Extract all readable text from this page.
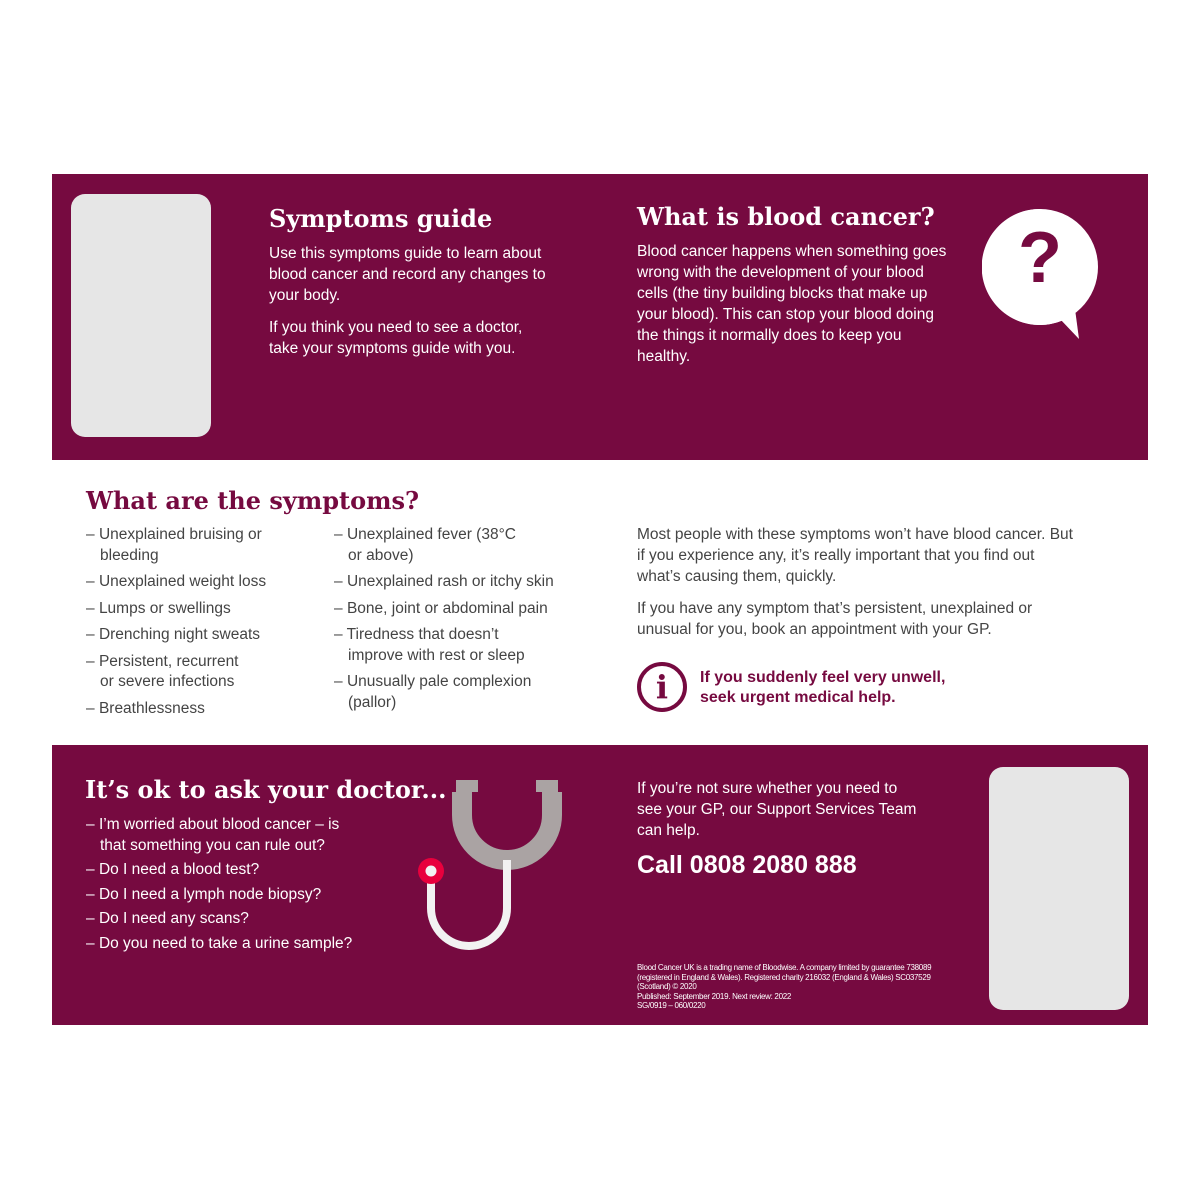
Symptoms guide

Use this symptoms guide to learn about blood cancer and record any changes to your body.

If you think you need to see a doctor, take your symptoms guide with you.

What is blood cancer?

Blood cancer happens when something goes wrong with the development of your blood cells (the tiny building blocks that make up your blood). This can stop your blood doing the things it normally does to keep you healthy.

?
What are the symptoms?
– Unexplained bruising or bleeding
– Unexplained weight loss
– Lumps or swellings
– Drenching night sweats
– Persistent, recurrent or severe infections
– Breathlessness
– Unexplained fever (38°C or above)
– Unexplained rash or itchy skin
– Bone, joint or abdominal pain
– Tiredness that doesn’t improve with rest or sleep
– Unusually pale complexion (pallor)

Most people with these symptoms won’t have blood cancer. But if you experience any, it’s really important that you find out what’s causing them, quickly.

If you have any symptom that’s persistent, unexplained or unusual for you, book an appointment with your GP.

i	If you suddenly feel very unwell, seek urgent medical help.

It’s ok to ask your doctor...
– I’m worried about blood cancer – is that something you can rule out?
– Do I need a blood test?
– Do I need a lymph node biopsy?
– Do I need any scans?
– Do you need to take a urine sample?

If you’re not sure whether you need to see your GP, our Support Services Team can help.

Call 0808 2080 888
Blood Cancer UK is a trading name of Bloodwise. A company limited by guarantee 738089 (registered in England & Wales). Registered charity 216032 (England & Wales) SC037529 (Scotland) © 2020
Published: September 2019. Next review: 2022
SG/0919 – 060/0220
